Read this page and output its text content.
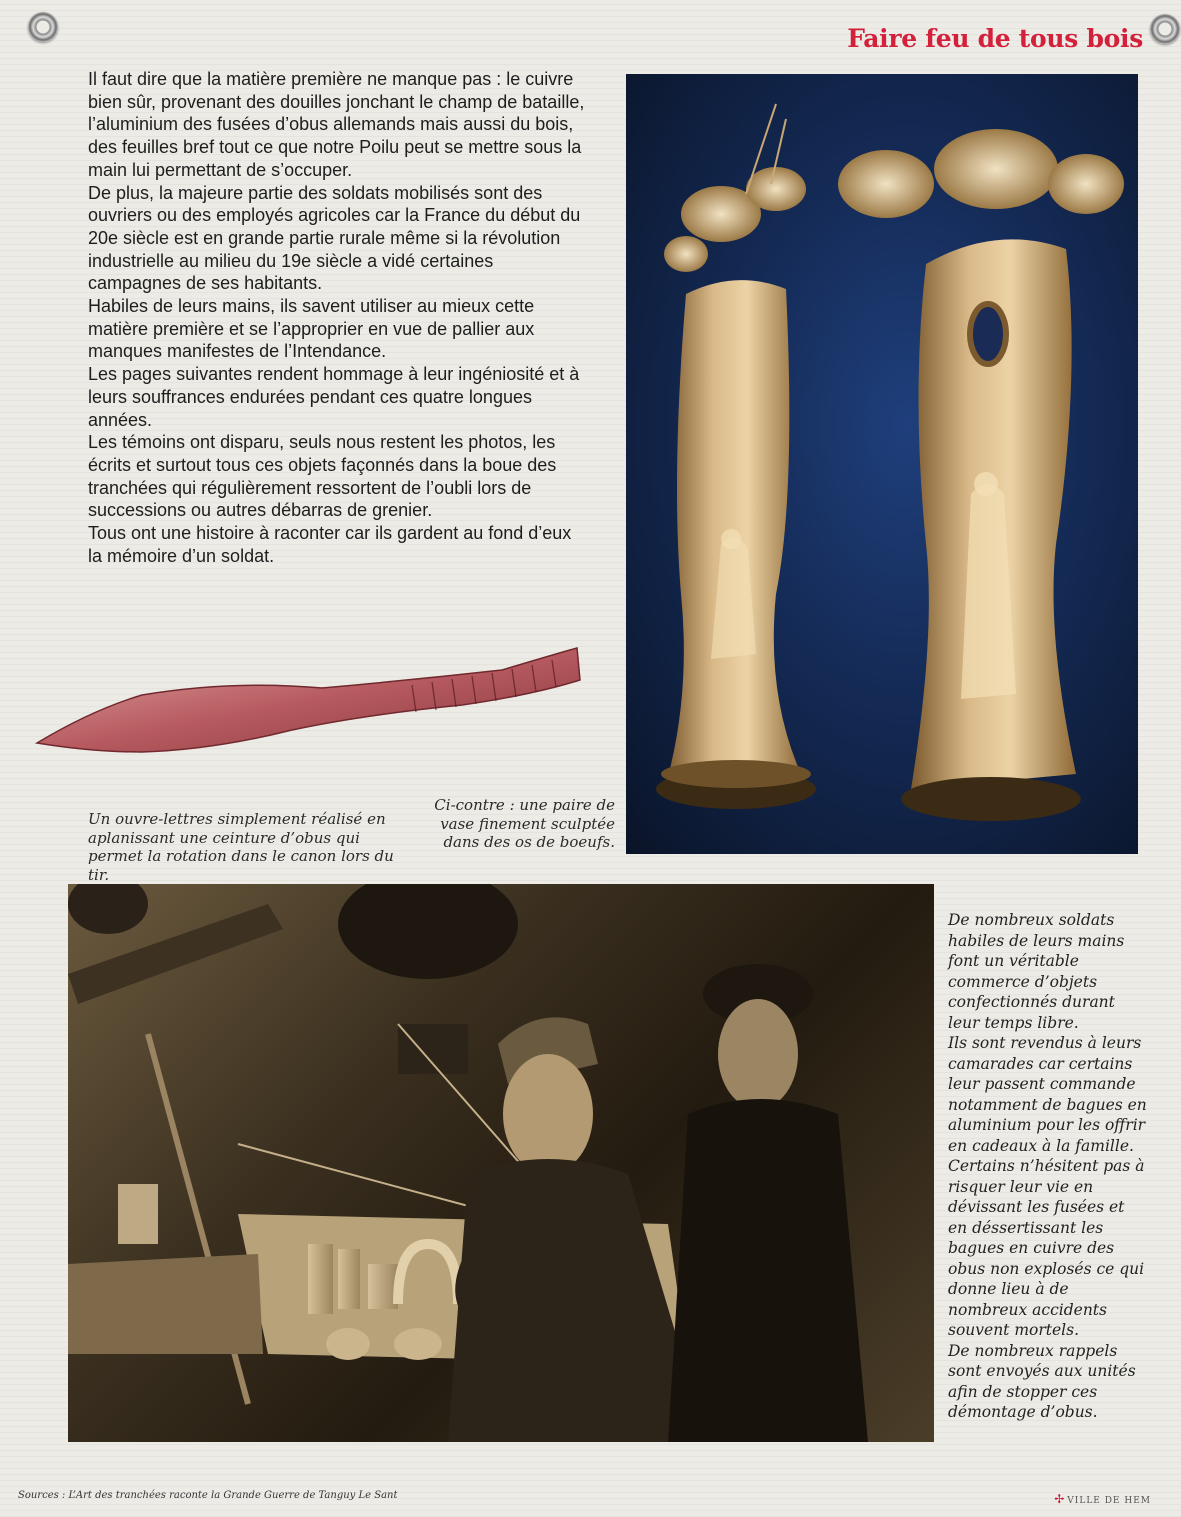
Faire feu de tous bois

Il faut dire que la matière première ne manque pas : le cuivre bien sûr, provenant des douilles jonchant le champ de bataille, l’aluminium des fusées d’obus allemands mais aussi du bois, des feuilles bref tout ce que notre Poilu peut se mettre sous la main lui permettant de s’occuper.

De plus, la majeure partie des soldats mobilisés sont des ouvriers ou des employés agricoles car la France du début du 20e siècle est en grande partie rurale même si la révolution industrielle au milieu du 19e siècle a vidé certaines campagnes de ses habitants.

Habiles de leurs mains, ils savent utiliser au mieux cette matière première et se l’approprier en vue de pallier aux manques manifestes de l’Intendance.

Les pages suivantes rendent hommage à leur ingéniosité et à leurs souffrances endurées pendant ces quatre longues années.

Les témoins ont disparu, seuls nous restent les photos, les écrits et surtout tous ces objets façonnés dans la boue des tranchées qui régulièrement ressortent de l’oubli lors de successions ou autres débarras de grenier.

Tous ont une histoire à raconter car ils gardent au fond d’eux la mémoire d’un soldat.

Un ouvre-lettres simplement réalisé en aplanissant une ceinture d’obus qui permet la rotation dans le canon lors du tir.

Ci-contre : une paire de vase finement sculptée dans des os de boeufs.

De nombreux soldats habiles de leurs mains font un véritable commerce d’objets confectionnés durant leur temps libre.

Ils sont revendus à leurs camarades car certains leur passent commande notamment de bagues en aluminium pour les offrir en cadeaux à la famille.

Certains n’hésitent pas à risquer leur vie en dévissant les fusées et en déssertissant les bagues en cuivre des obus non explosés ce qui donne lieu à de nombreux accidents souvent mortels.

De nombreux rappels sont envoyés aux unités afin de stopper ces démontage d’obus.

Sources : L’Art des tranchées raconte la Grande Guerre de Tanguy Le Sant	✢ VILLE DE HEM
